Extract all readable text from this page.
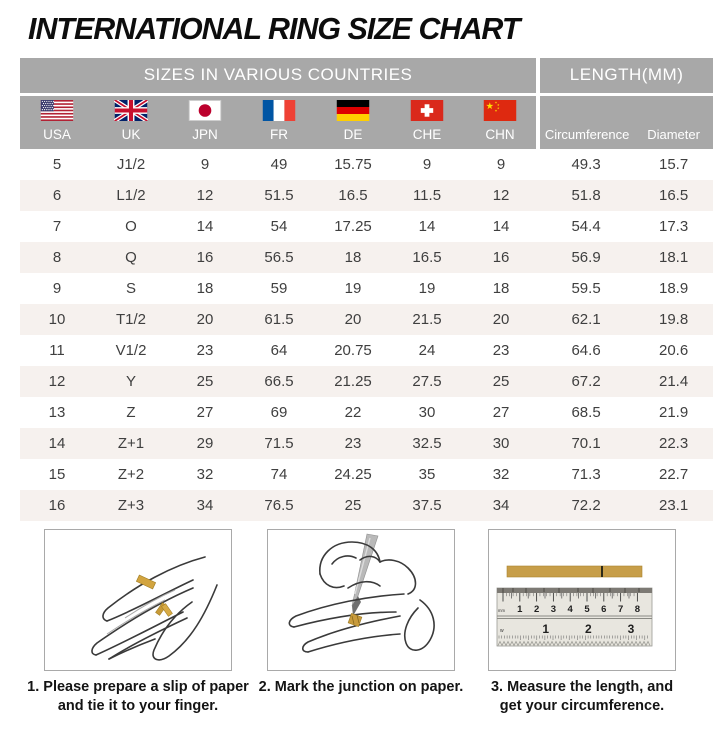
INTERNATIONAL RING SIZE CHART
SIZES IN VARIOUS COUNTRIES							LENGTH(MM)	

USA	UK	JPN	FR	DE	CHE	CHN	Circumference	Diameter
5	J1/2	9	49	15.75	9	9	49.3	15.7
6	L1/2	12	51.5	16.5	11.5	12	51.8	16.5
7	O	14	54	17.25	14	14	54.4	17.3
8	Q	16	56.5	18	16.5	16	56.9	18.1
9	S	18	59	19	19	18	59.5	18.9
10	T1/2	20	61.5	20	21.5	20	62.1	19.8
11	V1/2	23	64	20.75	24	23	64.6	20.6
12	Y	25	66.5	21.25	27.5	25	67.2	21.4
13	Z	27	69	22	30	27	68.5	21.9
14	Z+1	29	71.5	23	32.5	30	70.1	22.3
15	Z+2	32	74	24.25	35	32	71.3	22.7
16	Z+3	34	76.5	25	37.5	34	72.2	23.1
1. Please prepare a slip of paper
and tie it to your finger.
2. Mark the junction on paper.
1 2 3 4 5 6 7 8
mm
1	2	3
w
3. Measure the length, and
get your circumference.
